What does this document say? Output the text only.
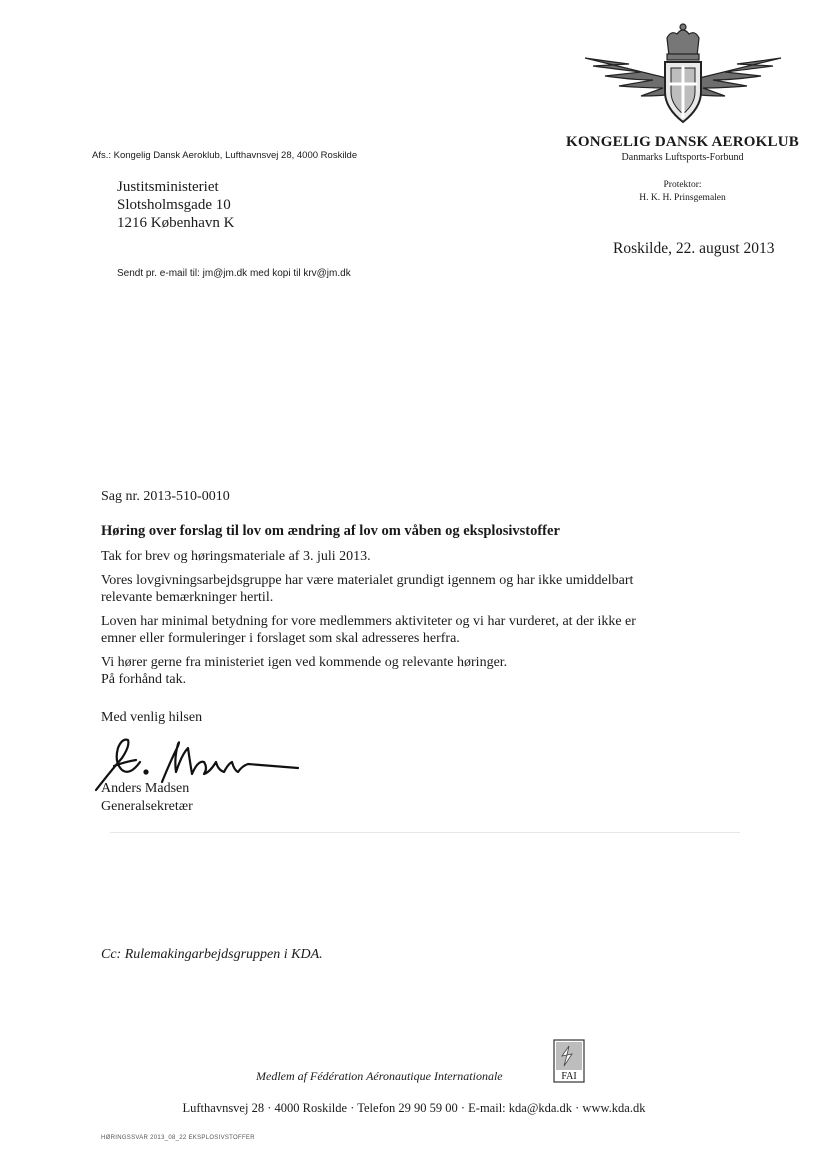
KONGELIG DANSK AEROKLUB
Danmarks Luftsports-Forbund
Protektor:
H. K. H. Prinsgemalen
Afs.: Kongelig Dansk Aeroklub, Lufthavnsvej 28, 4000 Roskilde
Justitsministeriet
Slotsholmsgade 10
1216 København K
Roskilde, 22. august 2013
Sendt pr. e-mail til: jm@jm.dk med kopi til krv@jm.dk
Sag nr. 2013-510-0010
Høring over forslag til lov om ændring af lov om våben og eksplosivstoffer

Tak for brev og høringsmateriale af 3. juli 2013.

Vores lovgivningsarbejdsgruppe har være materialet grundigt igennem og har ikke umiddelbart
relevante bemærkninger hertil.

Loven har minimal betydning for vore medlemmers aktiviteter og vi har vurderet, at der ikke er
emner eller formuleringer i forslaget som skal adresseres herfra.

Vi hører gerne fra ministeriet igen ved kommende og relevante høringer.
På forhånd tak.

Med venlig hilsen
Anders Madsen
Generalsekretær
Cc: Rulemakingarbejdsgruppen i KDA.
Medlem af Fédération Aéronautique Internationale	FAI
Lufthavnsvej 28 · 4000 Roskilde · Telefon 29 90 59 00 · E-mail: kda@kda.dk · www.kda.dk
HØRINGSSVAR 2013_08_22 EKSPLOSIVSTOFFER
